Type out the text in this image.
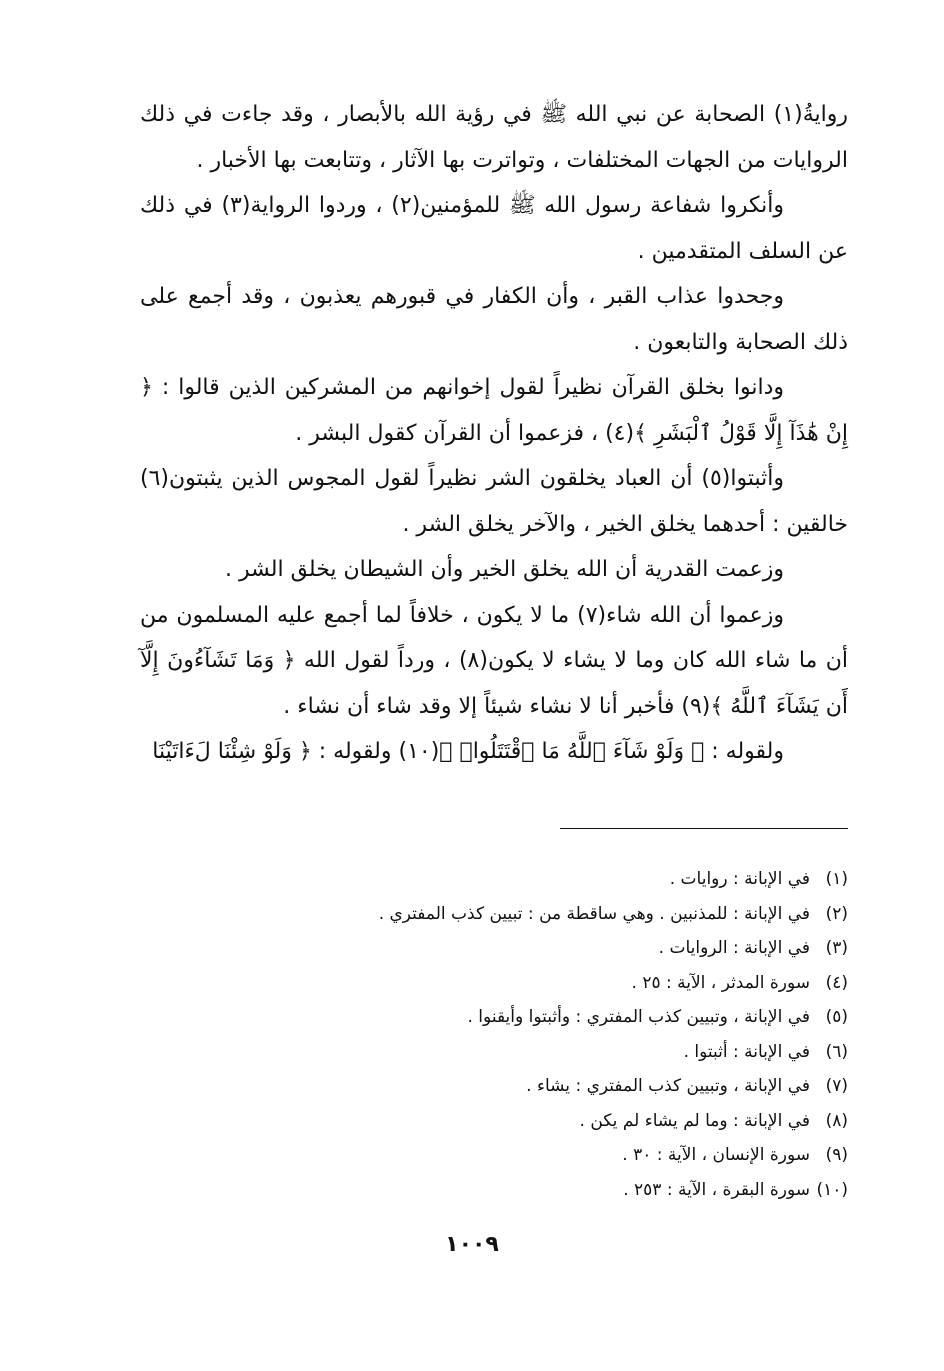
روايةُ(١) الصحابة عن نبي الله ﷺ في رؤية الله بالأبصار ، وقد جاءت في ذلك الروايات من الجهات المختلفات ، وتواترت بها الآثار ، وتتابعت بها الأخبار .

وأنكروا شفاعة رسول الله ﷺ للمؤمنين(٢) ، وردوا الرواية(٣) في ذلك عن السلف المتقدمين .

وجحدوا عذاب القبر ، وأن الكفار في قبورهم يعذبون ، وقد أجمع على ذلك الصحابة والتابعون .

ودانوا بخلق القرآن نظيراً لقول إخوانهم من المشركين الذين قالوا : ﴿ إِنْ هَٰذَآ إِلَّا قَوْلُ ٱلْبَشَرِ ﴾(٤) ، فزعموا أن القرآن كقول البشر .

وأثبتوا(٥) أن العباد يخلقون الشر نظيراً لقول المجوس الذين يثبتون(٦) خالقين : أحدهما يخلق الخير ، والآخر يخلق الشر .

وزعمت القدرية أن الله يخلق الخير وأن الشيطان يخلق الشر .

وزعموا أن الله شاء(٧) ما لا يكون ، خلافاً لما أجمع عليه المسلمون من أن ما شاء الله كان وما لا يشاء لا يكون(٨) ، ورداً لقول الله ﴿ وَمَا تَشَآءُونَ إِلَّآ أَن يَشَآءَ ٱللَّهُ ﴾(٩) فأخبر أنا لا نشاء شيئاً إلا وقد شاء أن نشاء .

ولقوله : ﴿ وَلَوْ شَآءَ ٱللَّهُ مَا ٱقْتَتَلُوا۟ ﴾(١٠) ولقوله : ﴿ وَلَوْ شِئْنَا لَءَاتَيْنَا

(١)
في الإبانة : روايات .
(٢)
في الإبانة : للمذنبين . وهي ساقطة من : تبيين كذب المفتري .
(٣)
في الإبانة : الروايات .
(٤)
سورة المدثر ، الآية : ٢٥ .
(٥)
في الإبانة ، وتبيين كذب المفتري : وأثبتوا وأيقنوا .
(٦)
في الإبانة : أثبتوا .
(٧)
في الإبانة ، وتبيين كذب المفتري : يشاء .
(٨)
في الإبانة : وما لم يشاء لم يكن .
(٩)
سورة الإنسان ، الآية : ٣٠ .
(١٠)
سورة البقرة ، الآية : ٢٥٣ .
١٠٠٩
